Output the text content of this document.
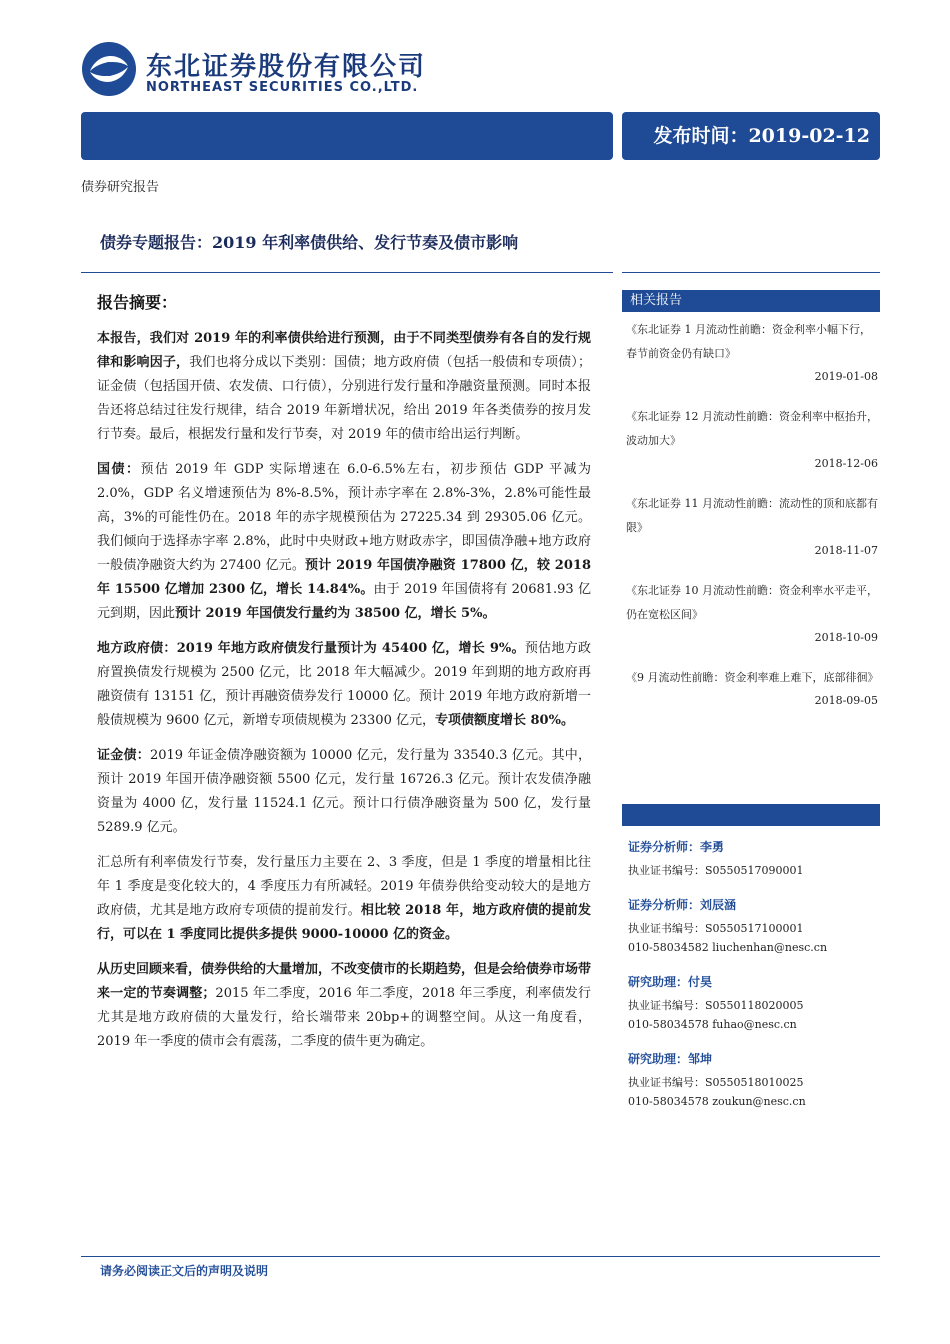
东北证券股份有限公司
NORTHEAST SECURITIES CO.,LTD.
发布时间：2019-02-12
债券研究报告
债券专题报告：2019 年利率债供给、发行节奏及债市影响
报告摘要：

本报告，我们对 2019 年的利率债供给进行预测，由于不同类型债券有各自的发行规律和影响因子，我们也将分成以下类别：国债；地方政府债（包括一般债和专项债）；证金债（包括国开债、农发债、口行债），分别进行发行量和净融资量预测。同时本报告还将总结过往发行规律，结合 2019 年新增状况，给出 2019 年各类债券的按月发行节奏。最后，根据发行量和发行节奏，对 2019 年的债市给出运行判断。

国债：预估 2019 年 GDP 实际增速在 6.0-6.5%左右，初步预估 GDP 平减为 2.0%，GDP 名义增速预估为 8%-8.5%，预计赤字率在 2.8%-3%，2.8%可能性最高，3%的可能性仍在。2018 年的赤字规模预估为 27225.34 到 29305.06 亿元。我们倾向于选择赤字率 2.8%，此时中央财政+地方财政赤字，即国债净融+地方政府一般债净融资大约为 27400 亿元。预计 2019 年国债净融资 17800 亿，较 2018 年 15500 亿增加 2300 亿，增长 14.84%。由于 2019 年国债将有 20681.93 亿元到期，因此预计 2019 年国债发行量约为 38500 亿，增长 5%。

地方政府债：2019 年地方政府债发行量预计为 45400 亿，增长 9%。预估地方政府置换债发行规模为 2500 亿元，比 2018 年大幅减少。2019 年到期的地方政府再融资债有 13151 亿，预计再融资债券发行 10000 亿。预计 2019 年地方政府新增一般债规模为 9600 亿元，新增专项债规模为 23300 亿元，专项债额度增长 80%。

证金债：2019 年证金债净融资额为 10000 亿元，发行量为 33540.3 亿元。其中，预计 2019 年国开债净融资额 5500 亿元，发行量 16726.3 亿元。预计农发债净融资量为 4000 亿，发行量 11524.1 亿元。预计口行债净融资量为 500 亿，发行量 5289.9 亿元。

汇总所有利率债发行节奏，发行量压力主要在 2、3 季度，但是 1 季度的增量相比往年 1 季度是变化较大的，4 季度压力有所减轻。2019 年债券供给变动较大的是地方政府债，尤其是地方政府专项债的提前发行。相比较 2018 年，地方政府债的提前发行，可以在 1 季度同比提供多提供 9000-10000 亿的资金。

从历史回顾来看，债券供给的大量增加，不改变债市的长期趋势，但是会给债券市场带来一定的节奏调整；2015 年二季度，2016 年二季度，2018 年三季度，利率债发行尤其是地方政府债的大量发行，给长端带来 20bp+的调整空间。从这一角度看，2019 年一季度的债市会有震荡，二季度的债牛更为确定。

相关报告
《东北证券 1 月流动性前瞻：资金利率小幅下行，春节前资金仍有缺口》
2019-01-08
《东北证券 12 月流动性前瞻：资金利率中枢抬升，波动加大》
2018-12-06
《东北证券 11 月流动性前瞻：流动性的顶和底都有限》
2018-11-07
《东北证券 10 月流动性前瞻：资金利率水平走平，仍在宽松区间》
2018-10-09
《9 月流动性前瞻：资金利率难上难下，底部徘徊》
2018-09-05
证券分析师：李勇
执业证书编号：S0550517090001
证券分析师：刘辰涵
执业证书编号：S0550517100001
010-58034582 liuchenhan@nesc.cn
研究助理：付昊
执业证书编号：S0550118020005
010-58034578 fuhao@nesc.cn
研究助理：邹坤
执业证书编号：S0550518010025
010-58034578 zoukun@nesc.cn
请务必阅读正文后的声明及说明
